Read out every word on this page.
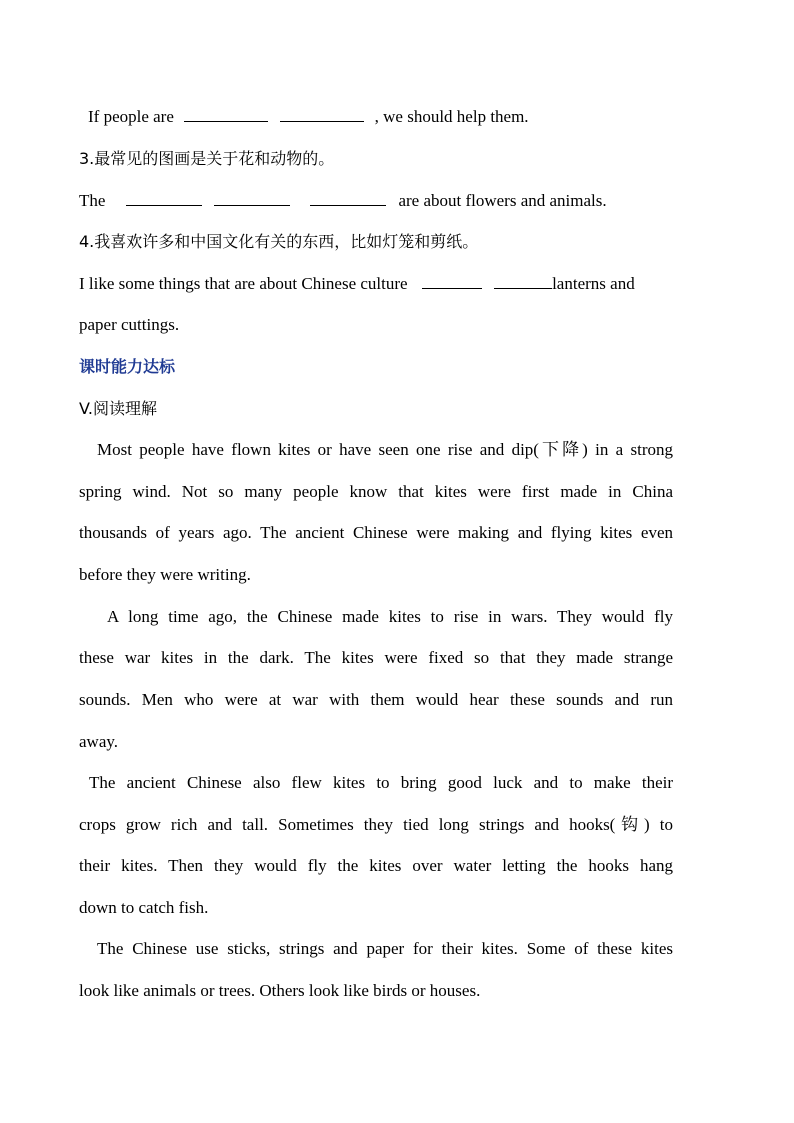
If people are	, we should help them.
3.最常见的图画是关于花和动物的。
The	are about flowers and animals.
4.我喜欢许多和中国文化有关的东西，比如灯笼和剪纸。
I like some things that are about Chinese culture	lanterns and
paper cuttings.
课时能力达标
V.阅读理解
Most people have flown kites or have seen one rise and dip(下降) in a strong
spring wind. Not so many people know that kites were first made in China
thousands of years ago. The ancient Chinese were making and flying kites even
before they were writing.
A long time ago, the Chinese made kites to rise in wars. They would fly
these war kites in the dark. The kites were fixed so that they made strange
sounds. Men who were at war with them would hear these sounds and run
away.
The ancient Chinese also flew kites to bring good luck and to make their
crops grow rich and tall. Sometimes they tied long strings and hooks(钩) to
their kites. Then they would fly the kites over water letting the hooks hang
down to catch fish.
The Chinese use sticks, strings and paper for their kites. Some of these kites
look like animals or trees. Others look like birds or houses.
